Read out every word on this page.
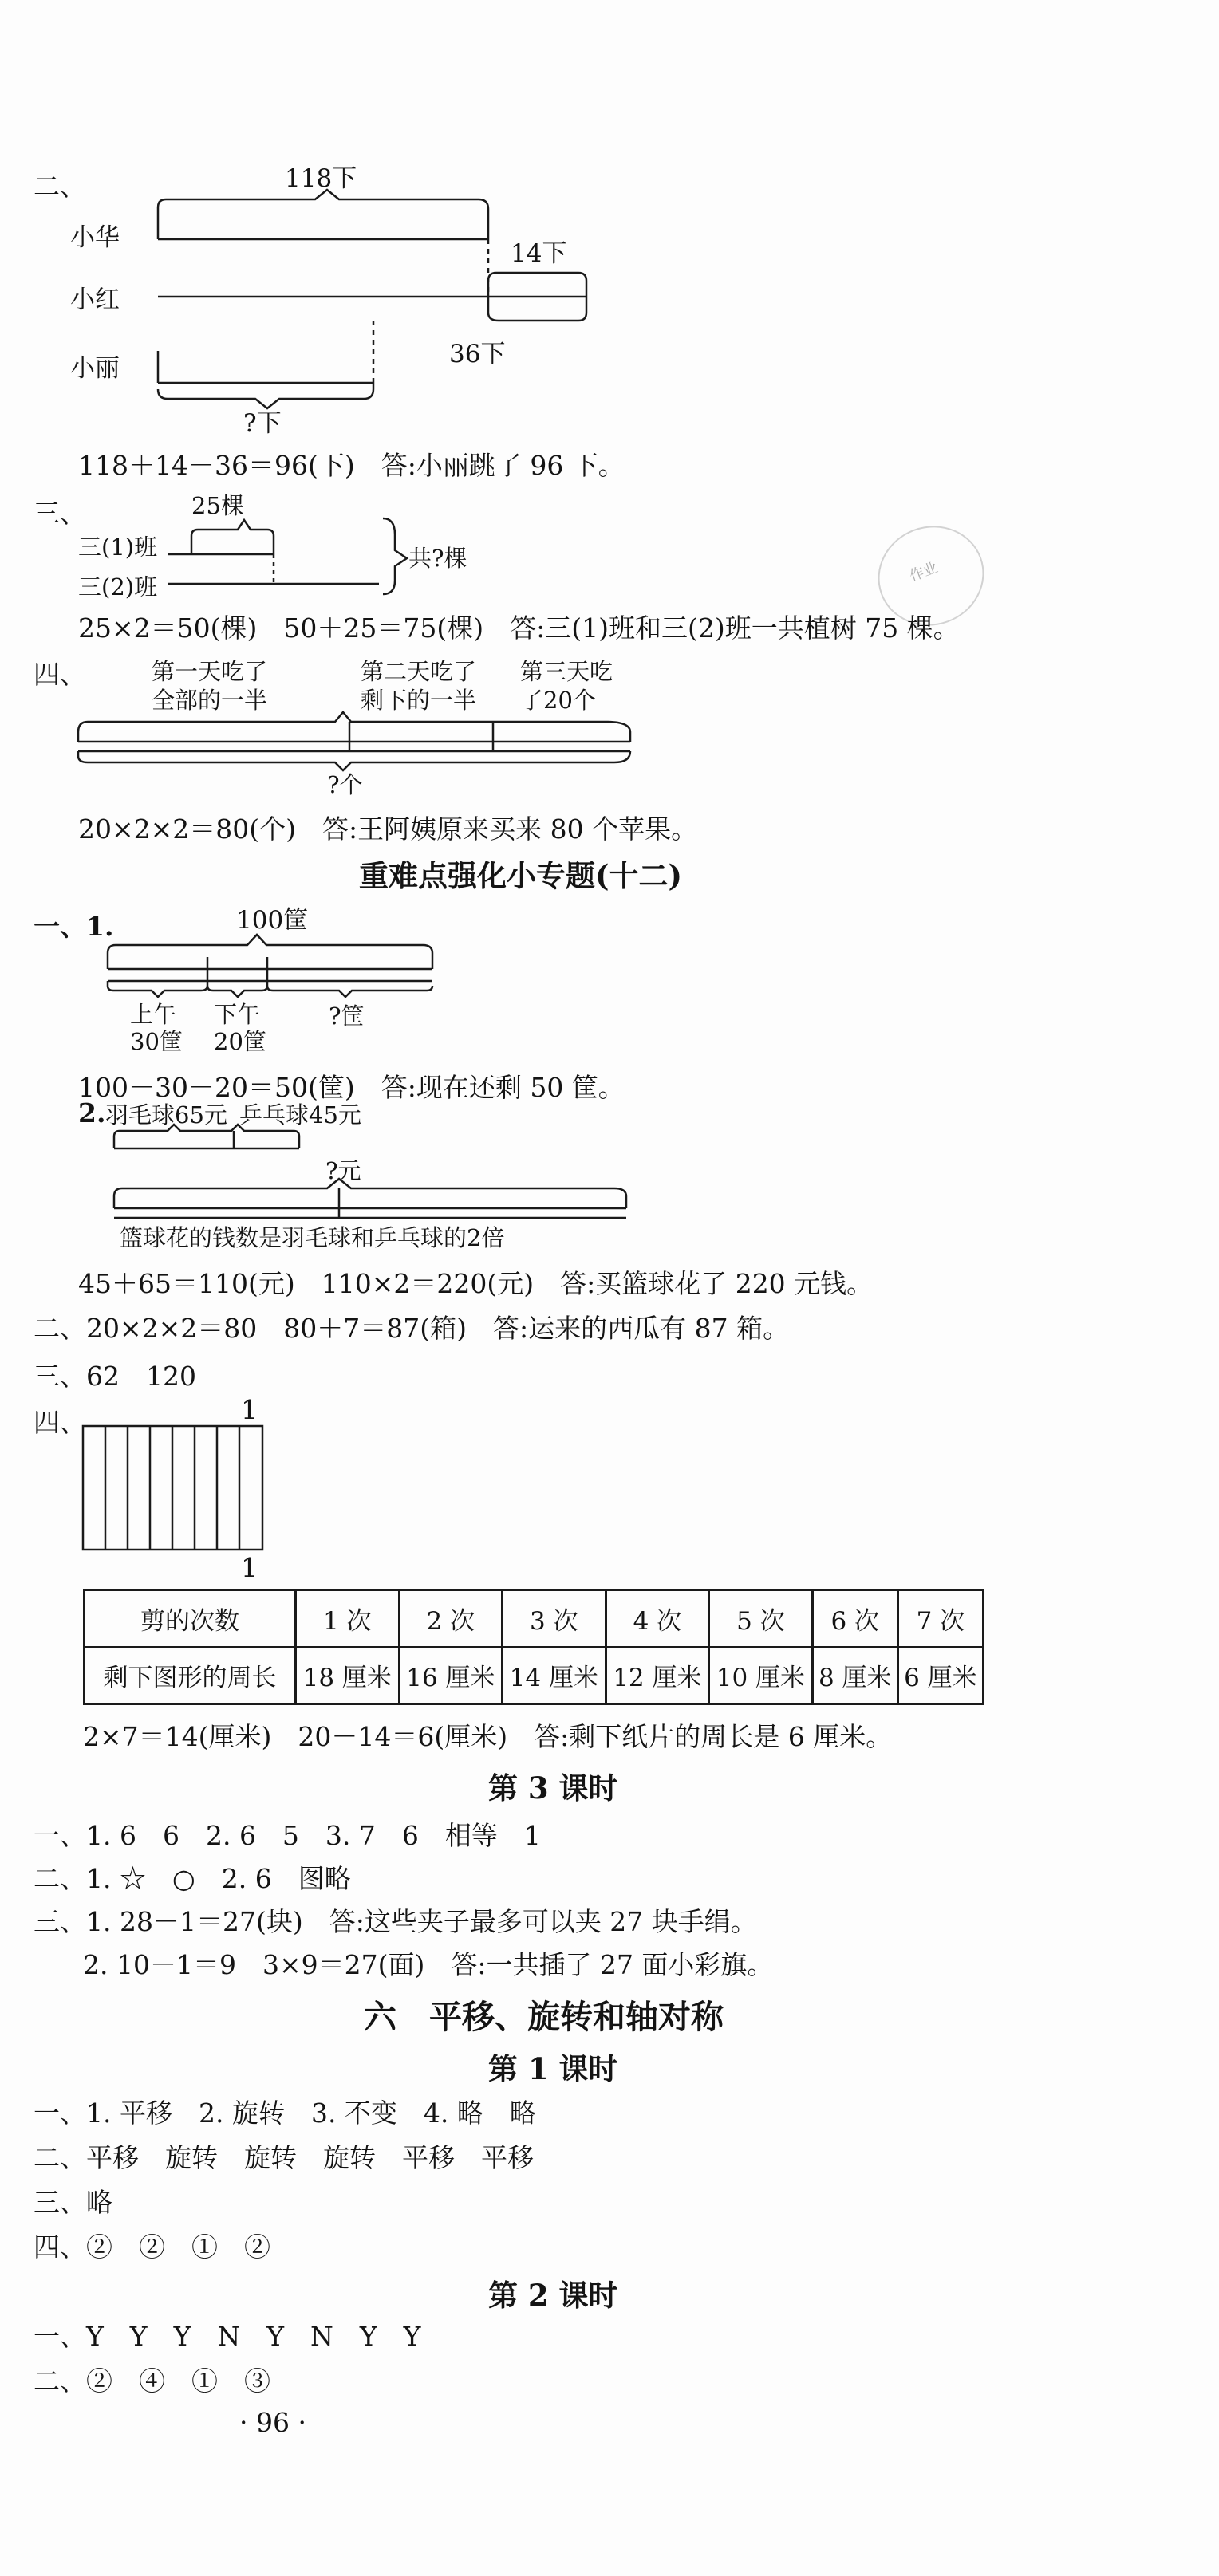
作业
二、	118下
小华
14下
小红
36下
小丽
?下
118＋14－36＝96(下)　答:小丽跳了 96 下。
三、	25棵
三(1)班	共?棵
三(2)班
25×2＝50(棵)　50＋25＝75(棵)　答:三(1)班和三(2)班一共植树 75 棵。
四、	第一天吃了
全部的一半
第二天吃了
剩下的一半
第三天吃
了20个
?个
20×2×2＝80(个)　答:王阿姨原来买来 80 个苹果。
重难点强化小专题(十二)
一、1.	100筐
上午
30筐
下午
20筐
?筐
100－30－20＝50(筐)　答:现在还剩 50 筐。
2. 羽毛球65元 乒乓球45元
?元
篮球花的钱数是羽毛球和乒乓球的2倍
45＋65＝110(元)　110×2＝220(元)　答:买篮球花了 220 元钱。
二、20×2×2＝80　80＋7＝87(箱)　答:运来的西瓜有 87 箱。
三、62　120
四、	1
1
剪的次数	1 次	2 次	3 次	4 次	5 次	6 次	7 次
剩下图形的周长	18 厘米	16 厘米	14 厘米	12 厘米	10 厘米	8 厘米	6 厘米
2×7＝14(厘米)　20－14＝6(厘米)　答:剩下纸片的周长是 6 厘米。
第 3 课时
一、1. 6　6　2. 6　5　3. 7　6　相等　1
二、1. ☆　○　2. 6　图略
三、1. 28－1＝27(块)　答:这些夹子最多可以夹 27 块手绢。
2. 10－1＝9　3×9＝27(面)　答:一共插了 27 面小彩旗。
六　平移、旋转和轴对称
第 1 课时
一、1. 平移　2. 旋转　3. 不变　4. 略　略
二、平移　旋转　旋转　旋转　平移　平移
三、略
四、②　②　①　②
第 2 课时
一、Y　Y　Y　N　Y　N　Y　Y
二、②　④　①　③
· 96 ·
